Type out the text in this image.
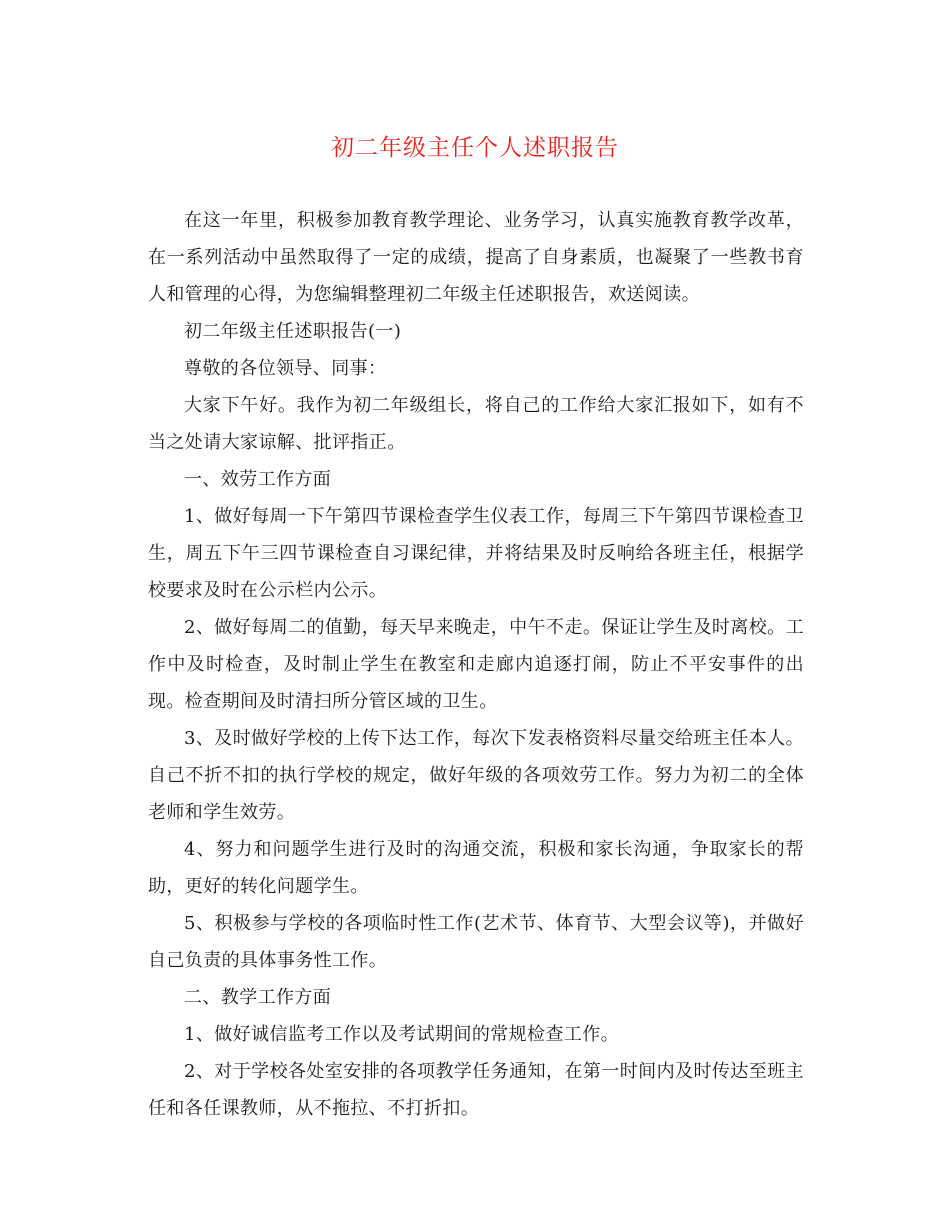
初二年级主任个人述职报告

在这一年里，积极参加教育教学理论、业务学习，认真实施教育教学改革，在一系列活动中虽然取得了一定的成绩，提高了自身素质，也凝聚了一些教书育人和管理的心得，为您编辑整理初二年级主任述职报告，欢送阅读。

初二年级主任述职报告(一)

尊敬的各位领导、同事：

大家下午好。我作为初二年级组长，将自己的工作给大家汇报如下，如有不当之处请大家谅解、批评指正。

一、效劳工作方面

1、做好每周一下午第四节课检查学生仪表工作，每周三下午第四节课检查卫生，周五下午三四节课检查自习课纪律，并将结果及时反响给各班主任，根据学校要求及时在公示栏内公示。

2、做好每周二的值勤，每天早来晚走，中午不走。保证让学生及时离校。工作中及时检查，及时制止学生在教室和走廊内追逐打闹，防止不平安事件的出现。检查期间及时清扫所分管区域的卫生。

3、及时做好学校的上传下达工作，每次下发表格资料尽量交给班主任本人。自己不折不扣的执行学校的规定，做好年级的各项效劳工作。努力为初二的全体老师和学生效劳。

4、努力和问题学生进行及时的沟通交流，积极和家长沟通，争取家长的帮助，更好的转化问题学生。

5、积极参与学校的各项临时性工作(艺术节、体育节、大型会议等)，并做好自己负责的具体事务性工作。

二、教学工作方面

1、做好诚信监考工作以及考试期间的常规检查工作。

2、对于学校各处室安排的各项教学任务通知，在第一时间内及时传达至班主任和各任课教师，从不拖拉、不打折扣。
